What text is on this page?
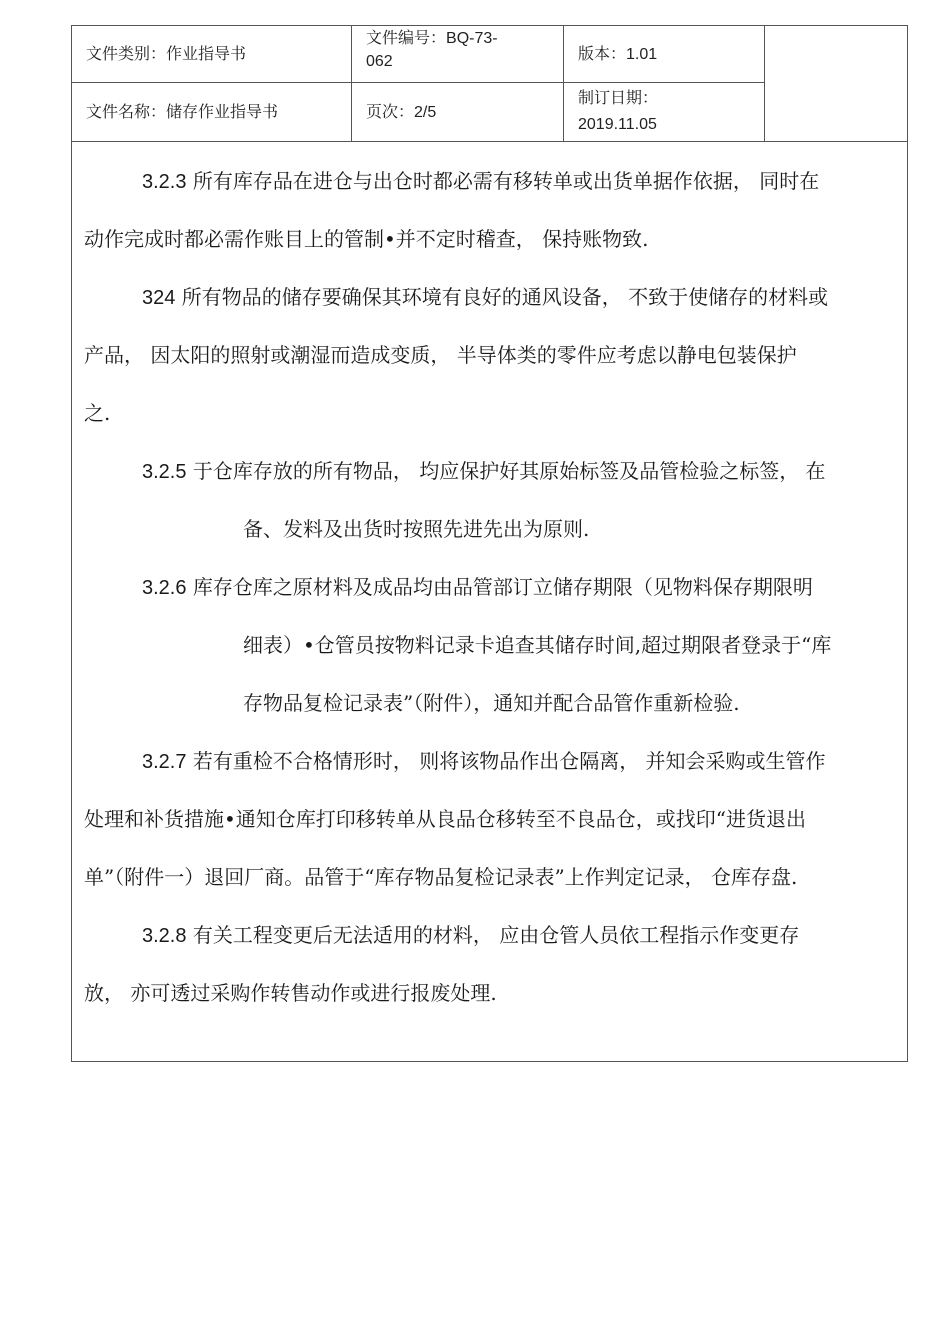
文件类别：作业指导书
文件编号：BQ-73-
062	版本：1.01
文件名称：储存作业指导书	页次：2/5
制订日期：
2019.11.05
3.2.3 所有库存品在进仓与出仓时都必需有移转单或出货单据作依据， 同时在
动作完成时都必需作账目上的管制•并不定时稽查， 保持账物致.
324 所有物品的储存要确保其环境有良好的通风设备， 不致于使储存的材料或
产品， 因太阳的照射或潮湿而造成变质， 半导体类的零件应考虑以静电包装保护
之.
3.2.5 于仓库存放的所有物品， 均应保护好其原始标签及品管检验之标签， 在
备、发料及出货时按照先进先出为原则.
3.2.6 库存仓库之原材料及成品均由品管部订立储存期限（见物料保存期限明
细表）•仓管员按物料记录卡追查其储存时间,超过期限者登录于“库
存物品复检记录表”（附件），通知并配合品管作重新检验.
3.2.7 若有重检不合格情形时， 则将该物品作出仓隔离， 并知会采购或生管作
处理和补货措施•通知仓库打印移转单从良品仓移转至不良品仓，或找印“进货退出
单”（附件一）退回厂商。品管于“库存物品复检记录表”上作判定记录， 仓库存盘.
3.2.8 有关工程变更后无法适用的材料， 应由仓管人员依工程指示作变更存
放， 亦可透过采购作转售动作或进行报废处理.
